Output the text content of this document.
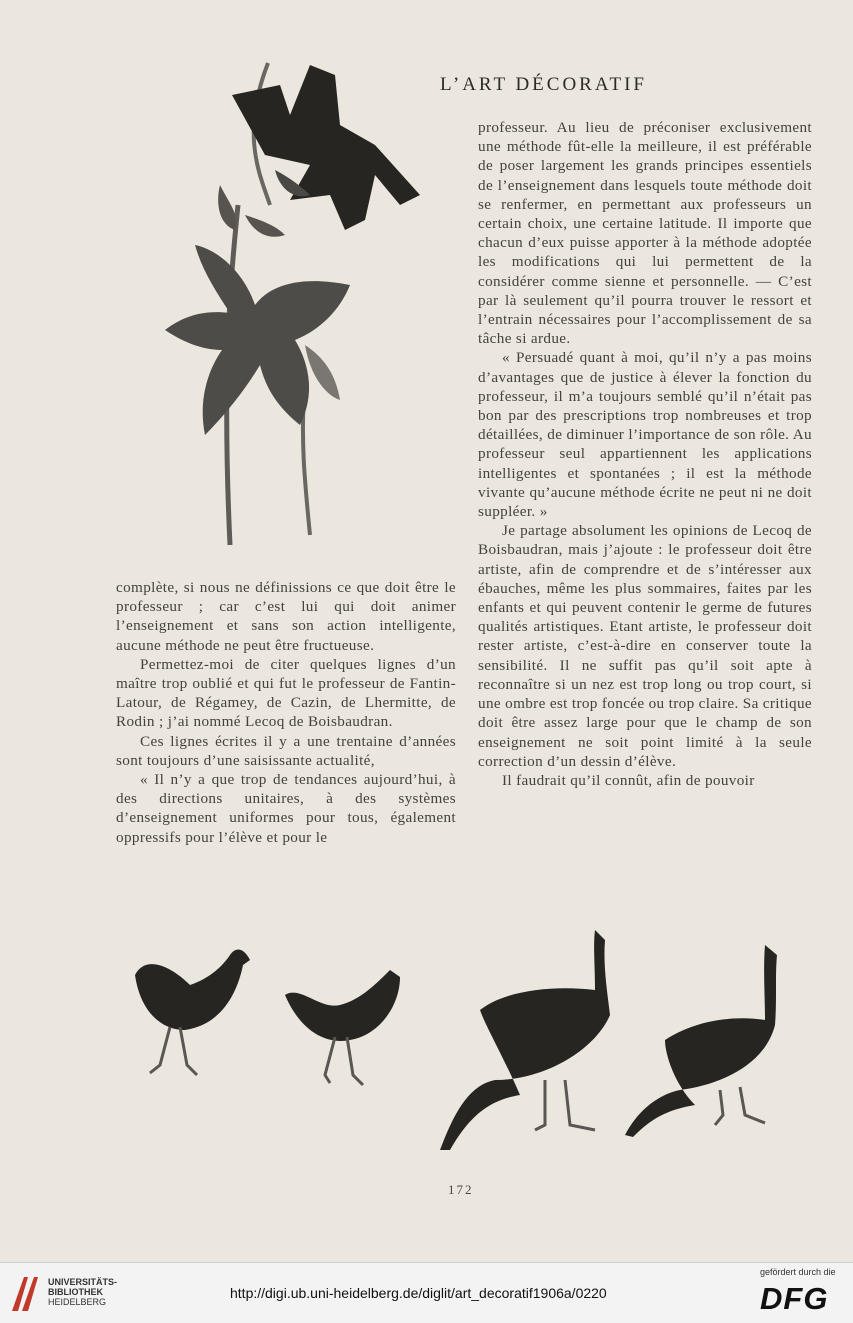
L’ART DÉCORATIF

professeur. Au lieu de préconiser exclusivement une méthode fût-elle la meilleure, il est préférable de poser largement les grands principes essentiels de l’enseignement dans lesquels toute méthode doit se renfermer, en permettant aux professeurs un certain choix, une certaine latitude. Il importe que chacun d’eux puisse apporter à la méthode adoptée les modifications qui lui permettent de la considérer comme sienne et personnelle. — C’est par là seulement qu’il pourra trouver le ressort et l’entrain nécessaires pour l’accomplissement de sa tâche si ardue.

« Persuadé quant à moi, qu’il n’y a pas moins d’avantages que de justice à élever la fonction du professeur, il m’a toujours semblé qu’il n’était pas bon par des prescriptions trop nombreuses et trop détaillées, de diminuer l’importance de son rôle. Au professeur seul appartiennent les applications intelligentes et spontanées ; il est la méthode vivante qu’aucune méthode écrite ne peut ni ne doit suppléer. »

Je partage absolument les opinions de Lecoq de Boisbaudran, mais j’ajoute : le professeur doit être artiste, afin de comprendre et de s’intéresser aux ébauches, même les plus sommaires, faites par les enfants et qui peuvent contenir le germe de futures qualités artistiques. Etant artiste, le professeur doit rester artiste, c’est-à-dire en conserver toute la sensibilité. Il ne suffit pas qu’il soit apte à reconnaître si un nez est trop long ou trop court, si une ombre est trop foncée ou trop claire. Sa critique doit être assez large pour que le champ de son enseignement ne soit point limité à la seule correction d’un dessin d’élève.

Il faudrait qu’il connût, afin de pouvoir

complète, si nous ne définissions ce que doit être le professeur ; car c’est lui qui doit animer l’enseignement et sans son action intelligente, aucune méthode ne peut être fructueuse.

Permettez-moi de citer quelques lignes d’un maître trop oublié et qui fut le professeur de Fantin-Latour, de Régamey, de Cazin, de Lhermitte, de Rodin ; j’ai nommé Lecoq de Boisbaudran.

Ces lignes écrites il y a une trentaine d’années sont toujours d’une saisissante actualité,

« Il n’y a que trop de tendances aujourd’hui, à des directions unitaires, à des systèmes d’enseignement uniformes pour tous, également oppressifs pour l’élève et pour le

172
UNIVERSITÄTS-
BIBLIOTHEK
HEIDELBERG
http://digi.ub.uni-heidelberg.de/diglit/art_decoratif1906a/0220
gefördert durch die
DFG
